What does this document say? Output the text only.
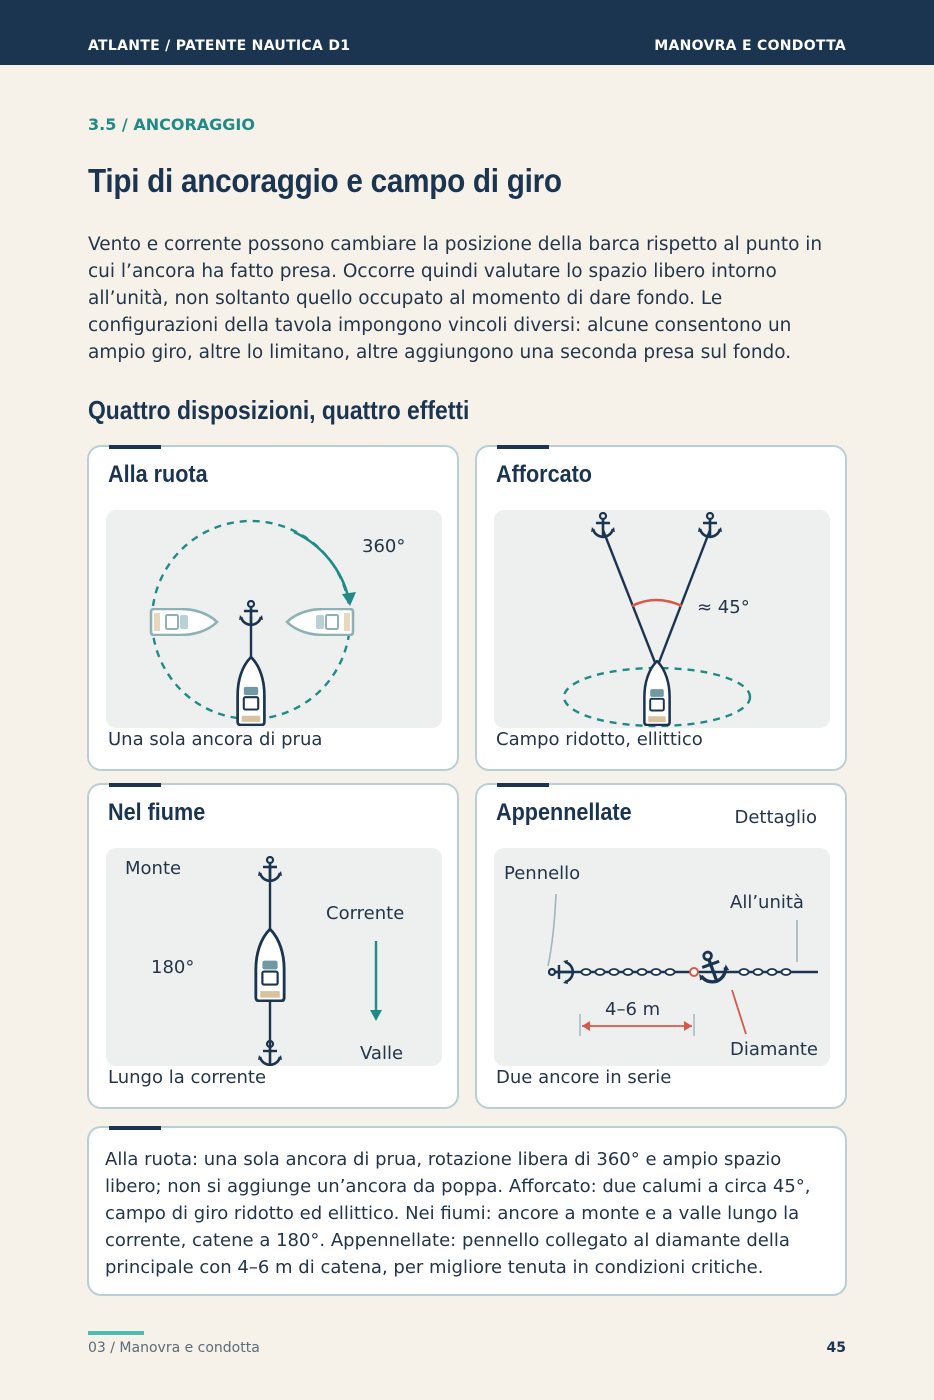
ATLANTE / PATENTE NAUTICA D1	MANOVRA E CONDOTTA
3.5 / ANCORAGGIO
Tipi di ancoraggio e campo di giro
Vento e corrente possono cambiare la posizione della barca rispetto al punto in cui l’ancora ha fatto presa. Occorre quindi valutare lo spazio libero intorno all’unità, non soltanto quello occupato al momento di dare fondo. Le configurazioni della tavola impongono vincoli diversi: alcune consentono un ampio giro, altre lo limitano, altre aggiungono una seconda presa sul fondo.
Quattro disposizioni, quattro effetti
Alla ruota
360°
Una sola ancora di prua
Afforcato
≈ 45°
Campo ridotto, ellittico
Nel fiume
Monte
180°
Corrente
Valle
Lungo la corrente
Appennellate	Dettaglio
Pennello
All’unità
Diamante
4–6 m
Due ancore in serie
Alla ruota: una sola ancora di prua, rotazione libera di 360° e ampio spazio libero; non si aggiunge un’ancora da poppa. Afforcato: due calumi a circa 45°, campo di giro ridotto ed ellittico. Nei fiumi: ancore a monte e a valle lungo la corrente, catene a 180°. Appennellate: pennello collegato al diamante della principale con 4–6 m di catena, per migliore tenuta in condizioni critiche.
03 / Manovra e condotta	45
